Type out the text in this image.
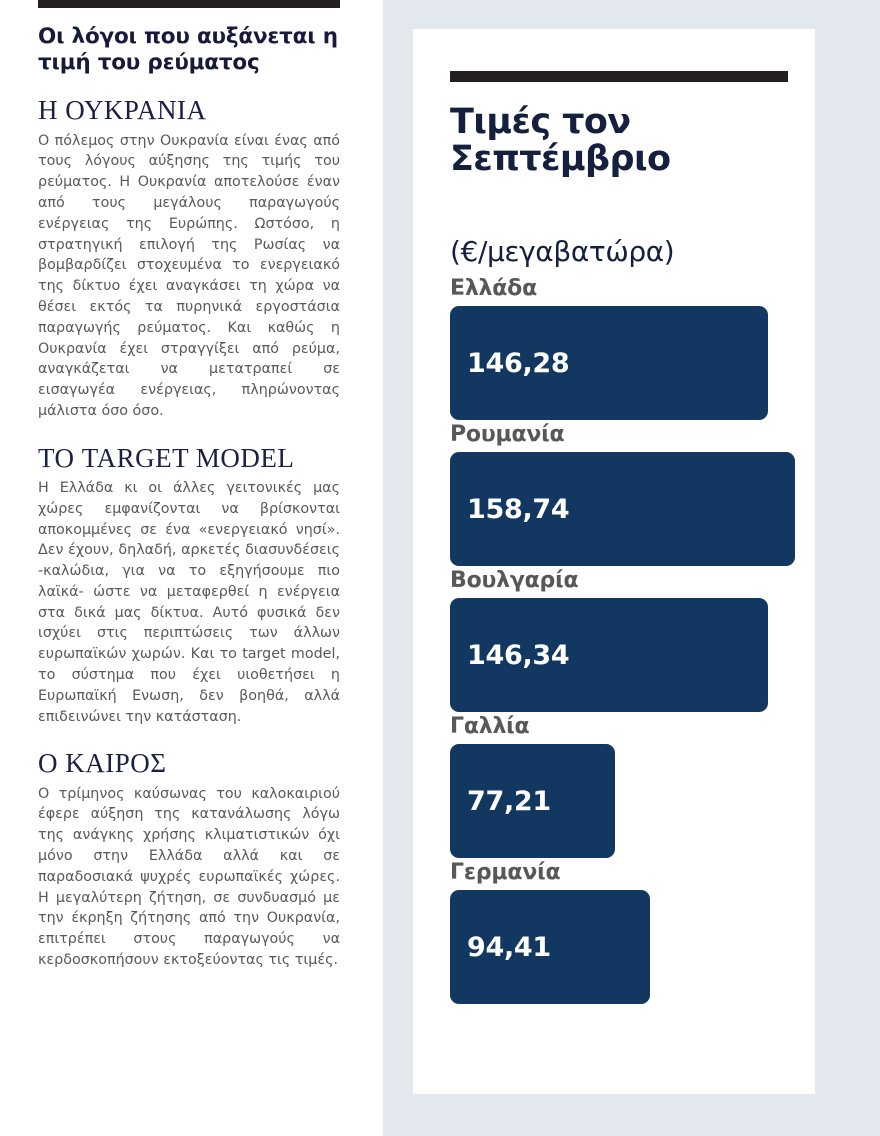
Οι λόγοι που αυξάνεται η τιμή του ρεύματος
Η ΟΥΚΡΑΝΙΑ

Ο πόλεμος στην Ουκρανία είναι ένας από τους λόγους αύξησης της τιμής του ρεύματος. Η Ουκρανία αποτελούσε έναν από τους μεγάλους παραγωγούς ενέργειας της Ευρώπης. Ωστόσο, η στρατηγική επιλογή της Ρωσίας να βομβαρδίζει στοχευμένα το ενεργειακό της δίκτυο έχει αναγκάσει τη χώρα να θέσει εκτός τα πυρηνικά εργοστάσια παραγωγής ρεύματος. Και καθώς η Ουκρανία έχει στραγγίξει από ρεύμα, αναγκάζεται να μετατραπεί σε εισαγωγέα ενέργειας, πληρώνοντας μάλιστα όσο όσο.

ΤΟ TARGET MODEL

Η Ελλάδα κι οι άλλες γειτονικές μας χώρες εμφανίζονται να βρίσκονται αποκομμένες σε ένα «ενεργειακό νησί». Δεν έχουν, δηλαδή, αρκετές διασυνδέσεις -καλώδια, για να το εξηγήσουμε πιο λαϊκά- ώστε να μεταφερθεί η ενέργεια στα δικά μας δίκτυα. Αυτό φυσικά δεν ισχύει στις περιπτώσεις των άλλων ευρωπαϊκών χωρών. Και το target model, το σύστημα που έχει υιοθετήσει η Ευρωπαϊκή Ενωση, δεν βοηθά, αλλά επιδεινώνει την κατάσταση.

Ο ΚΑΙΡΟΣ

Ο τρίμηνος καύσωνας του καλοκαιριού έφερε αύξηση της κατανάλωσης λόγω της ανάγκης χρήσης κλιματιστικών όχι μόνο στην Ελλάδα αλλά και σε παραδοσιακά ψυχρές ευρωπαϊκές χώρες. Η μεγαλύτερη ζήτηση, σε συνδυασμό με την έκρηξη ζήτησης από την Ουκρανία, επιτρέπει στους παραγωγούς να κερδοσκοπήσουν εκτοξεύοντας τις τιμές.

Τιμές τον Σεπτέμβριο
(€/μεγαβατώρα)
Ελλάδα
146,28
Ρουμανία
158,74
Βουλγαρία
146,34
Γαλλία
77,21
Γερμανία
94,41
